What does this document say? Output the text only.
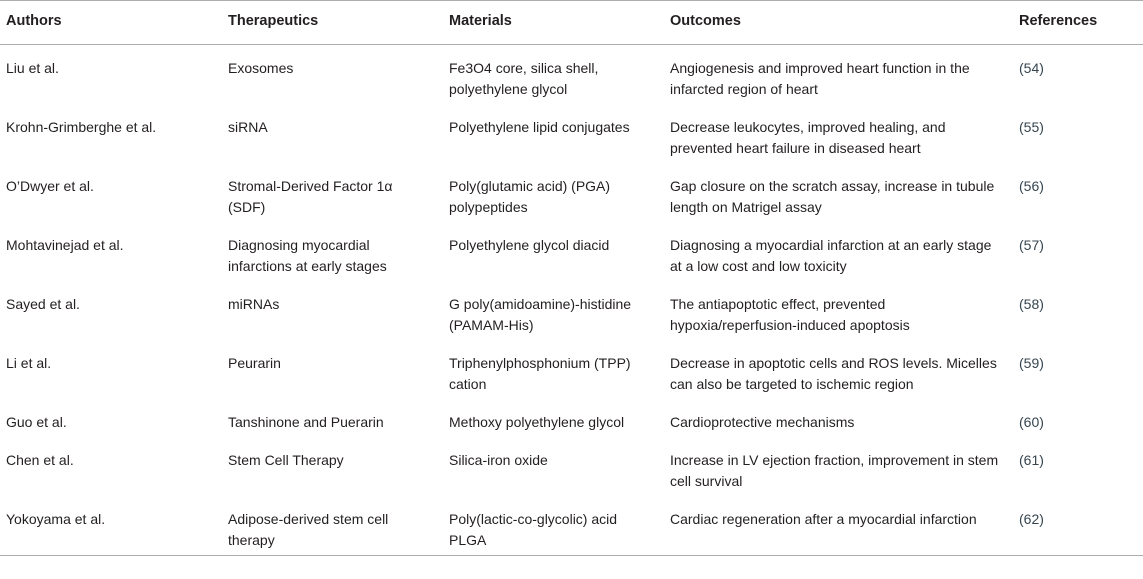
Authors	Therapeutics	Materials	Outcomes	References
Liu et al.	Exosomes	Fe3O4 core, silica shell, polyethylene glycol	Angiogenesis and improved heart function in the infarcted region of heart	(54)
Krohn-Grimberghe et al.	siRNA	Polyethylene lipid conjugates	Decrease leukocytes, improved healing, and prevented heart failure in diseased heart	(55)
O’Dwyer et al.	Stromal-Derived Factor 1α (SDF)	Poly(glutamic acid) (PGA) polypeptides	Gap closure on the scratch assay, increase in tubule length on Matrigel assay	(56)
Mohtavinejad et al.	Diagnosing myocardial infarctions at early stages	Polyethylene glycol diacid	Diagnosing a myocardial infarction at an early stage at a low cost and low toxicity	(57)
Sayed et al.	miRNAs	G poly(amidoamine)-histidine (PAMAM-His)	The antiapoptotic effect, prevented hypoxia/reperfusion-induced apoptosis	(58)
Li et al.	Peurarin	Triphenylphosphonium (TPP) cation	Decrease in apoptotic cells and ROS levels. Micelles can also be targeted to ischemic region	(59)
Guo et al.	Tanshinone and Puerarin	Methoxy polyethylene glycol	Cardioprotective mechanisms	(60)
Chen et al.	Stem Cell Therapy	Silica-iron oxide	Increase in LV ejection fraction, improvement in stem cell survival	(61)
Yokoyama et al.	Adipose-derived stem cell therapy	Poly(lactic-co-glycolic) acid PLGA	Cardiac regeneration after a myocardial infarction	(62)
